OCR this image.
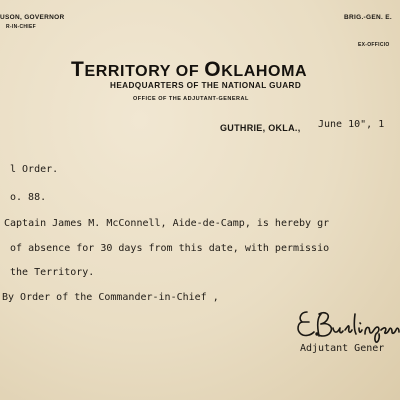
USON, GOVERNOR
R-IN-CHIEF
BRIG.-GEN. E.
EX-OFFICIO
TERRITORY OF OKLAHOMA
HEADQUARTERS OF THE NATIONAL GUARD
OFFICE OF THE ADJUTANT-GENERAL
GUTHRIE, OKLA., June 10", 1
l Order.
o. 88.
Captain James M. McConnell, Aide-de-Camp, is hereby gr
of absence for 30 days from this date, with permissio
the Territory.
By Order of the Commander-in-Chief ,
Adjutant Gener
